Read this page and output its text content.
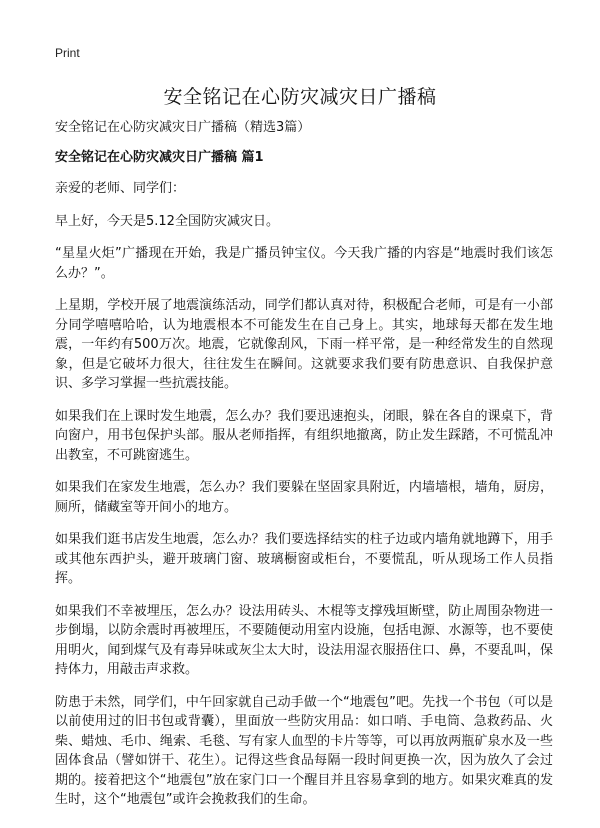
Print
安全铭记在心防灾减灾日广播稿

安全铭记在心防灾减灾日广播稿（精选3篇）

安全铭记在心防灾减灾日广播稿 篇1

亲爱的老师、同学们：

早上好，今天是5.12全国防灾减灾日。

“星星火炬”广播现在开始，我是广播员钟宝仪。今天我广播的内容是“地震时我们该怎么办？”。

上星期，学校开展了地震演练活动，同学们都认真对待，积极配合老师，可是有一小部分同学嘻嘻哈哈，认为地震根本不可能发生在自己身上。其实，地球每天都在发生地震，一年约有500万次。地震，它就像刮风，下雨一样平常，是一种经常发生的自然现象，但是它破坏力很大，往往发生在瞬间。这就要求我们要有防患意识、自我保护意识、多学习掌握一些抗震技能。

如果我们在上课时发生地震，怎么办？我们要迅速抱头，闭眼，躲在各自的课桌下，背向窗户，用书包保护头部。服从老师指挥，有组织地撤离，防止发生踩踏，不可慌乱冲出教室，不可跳窗逃生。

如果我们在家发生地震，怎么办？我们要躲在坚固家具附近，内墙墙根，墙角，厨房，厕所，储藏室等开间小的地方。

如果我们逛书店发生地震，怎么办？我们要选择结实的柱子边或内墙角就地蹲下，用手或其他东西护头，避开玻璃门窗、玻璃橱窗或柜台，不要慌乱，听从现场工作人员指挥。

如果我们不幸被埋压，怎么办？设法用砖头、木棍等支撑残垣断壁，防止周围杂物进一步倒塌，以防余震时再被埋压，不要随便动用室内设施，包括电源、水源等，也不要使用明火，闻到煤气及有毒异味或灰尘太大时，设法用湿衣服捂住口、鼻，不要乱叫，保持体力，用敲击声求救。

防患于未然，同学们，中午回家就自己动手做一个“地震包”吧。先找一个书包（可以是以前使用过的旧书包或背囊），里面放一些防灾用品：如口哨、手电筒、急救药品、火柴、蜡烛、毛巾、绳索、毛毯、写有家人血型的卡片等等，可以再放两瓶矿泉水及一些固体食品（譬如饼干、花生）。记得这些食品每隔一段时间更换一次，因为放久了会过期的。接着把这个“地震包”放在家门口一个醒目并且容易拿到的地方。如果灾难真的发生时，这个“地震包”或许会挽救我们的生命。
